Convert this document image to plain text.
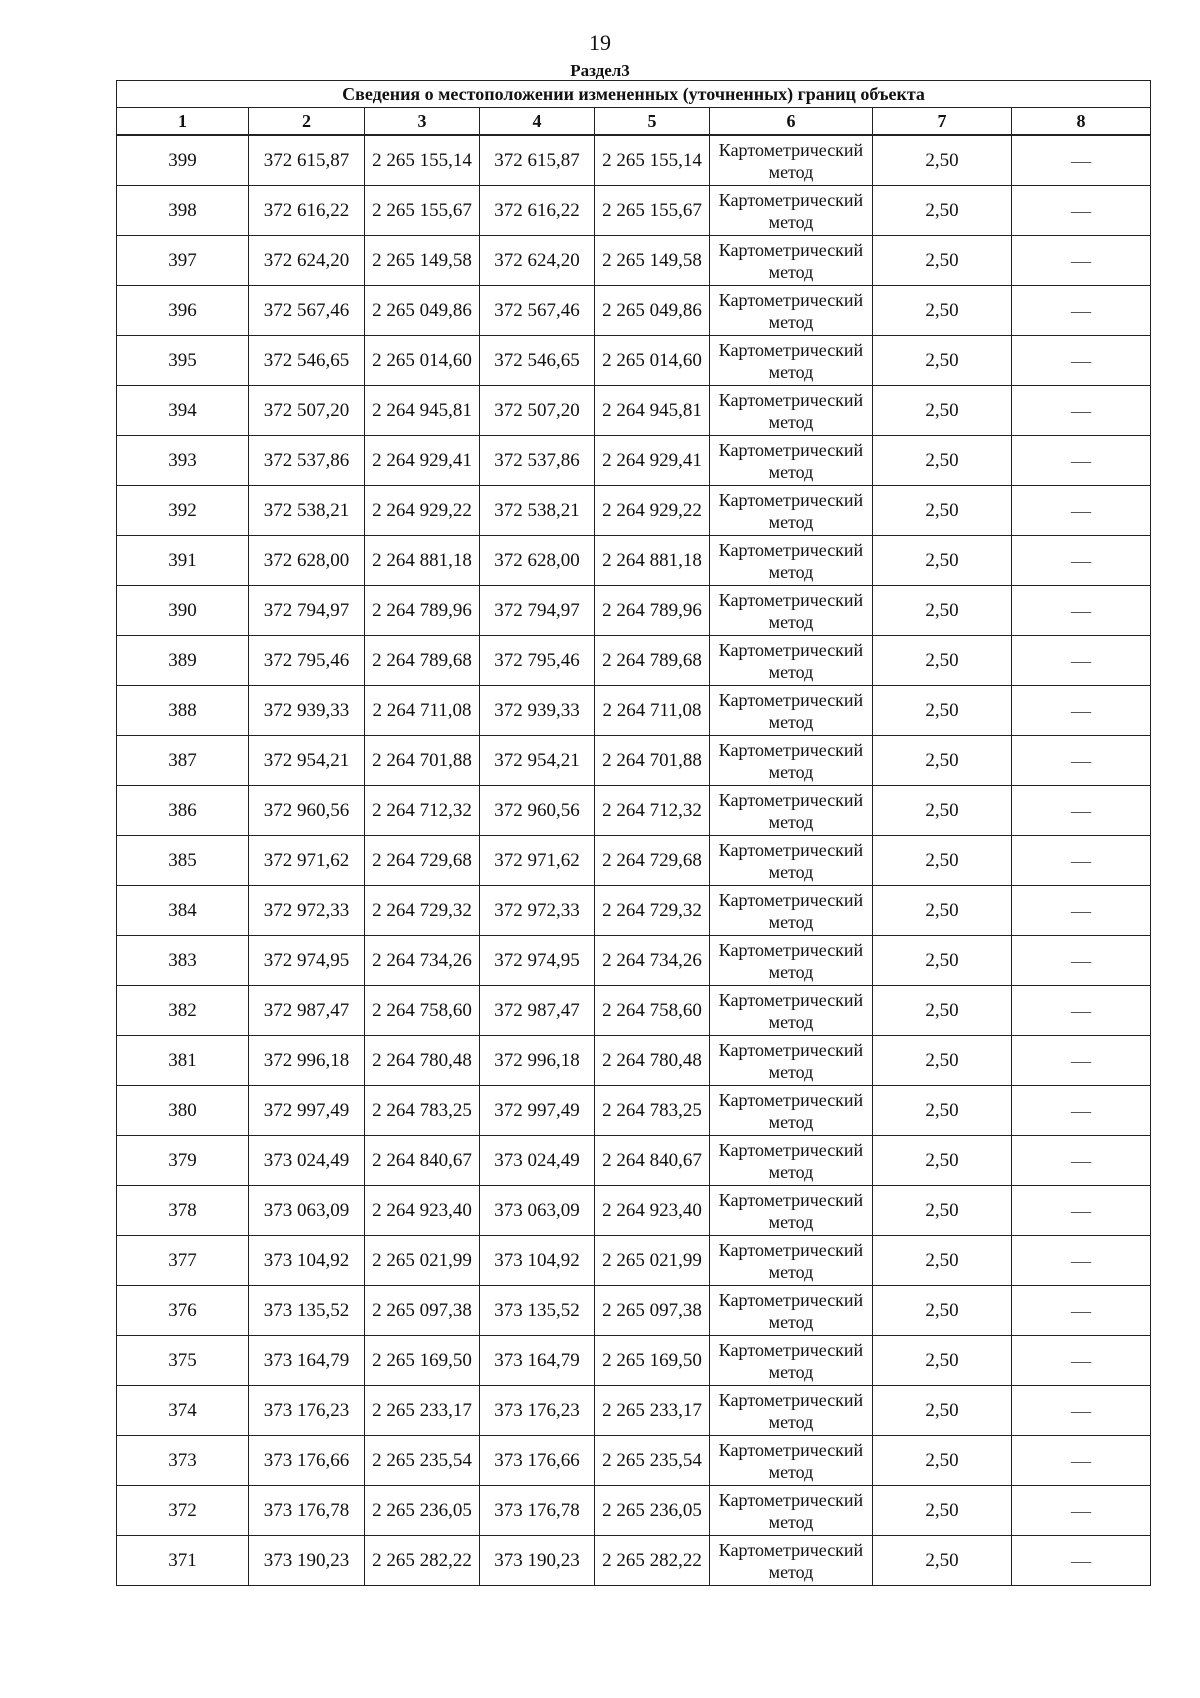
19
Раздел3
Сведения о местоположении измененных (уточненных) границ объекта							
1	2	3	4	5	6	7	8
399	372 615,87	2 265 155,14	372 615,87	2 265 155,14	Картометрический метод	2,50	—
398	372 616,22	2 265 155,67	372 616,22	2 265 155,67	Картометрический метод	2,50	—
397	372 624,20	2 265 149,58	372 624,20	2 265 149,58	Картометрический метод	2,50	—
396	372 567,46	2 265 049,86	372 567,46	2 265 049,86	Картометрический метод	2,50	—
395	372 546,65	2 265 014,60	372 546,65	2 265 014,60	Картометрический метод	2,50	—
394	372 507,20	2 264 945,81	372 507,20	2 264 945,81	Картометрический метод	2,50	—
393	372 537,86	2 264 929,41	372 537,86	2 264 929,41	Картометрический метод	2,50	—
392	372 538,21	2 264 929,22	372 538,21	2 264 929,22	Картометрический метод	2,50	—
391	372 628,00	2 264 881,18	372 628,00	2 264 881,18	Картометрический метод	2,50	—
390	372 794,97	2 264 789,96	372 794,97	2 264 789,96	Картометрический метод	2,50	—
389	372 795,46	2 264 789,68	372 795,46	2 264 789,68	Картометрический метод	2,50	—
388	372 939,33	2 264 711,08	372 939,33	2 264 711,08	Картометрический метод	2,50	—
387	372 954,21	2 264 701,88	372 954,21	2 264 701,88	Картометрический метод	2,50	—
386	372 960,56	2 264 712,32	372 960,56	2 264 712,32	Картометрический метод	2,50	—
385	372 971,62	2 264 729,68	372 971,62	2 264 729,68	Картометрический метод	2,50	—
384	372 972,33	2 264 729,32	372 972,33	2 264 729,32	Картометрический метод	2,50	—
383	372 974,95	2 264 734,26	372 974,95	2 264 734,26	Картометрический метод	2,50	—
382	372 987,47	2 264 758,60	372 987,47	2 264 758,60	Картометрический метод	2,50	—
381	372 996,18	2 264 780,48	372 996,18	2 264 780,48	Картометрический метод	2,50	—
380	372 997,49	2 264 783,25	372 997,49	2 264 783,25	Картометрический метод	2,50	—
379	373 024,49	2 264 840,67	373 024,49	2 264 840,67	Картометрический метод	2,50	—
378	373 063,09	2 264 923,40	373 063,09	2 264 923,40	Картометрический метод	2,50	—
377	373 104,92	2 265 021,99	373 104,92	2 265 021,99	Картометрический метод	2,50	—
376	373 135,52	2 265 097,38	373 135,52	2 265 097,38	Картометрический метод	2,50	—
375	373 164,79	2 265 169,50	373 164,79	2 265 169,50	Картометрический метод	2,50	—
374	373 176,23	2 265 233,17	373 176,23	2 265 233,17	Картометрический метод	2,50	—
373	373 176,66	2 265 235,54	373 176,66	2 265 235,54	Картометрический метод	2,50	—
372	373 176,78	2 265 236,05	373 176,78	2 265 236,05	Картометрический метод	2,50	—
371	373 190,23	2 265 282,22	373 190,23	2 265 282,22	Картометрический метод	2,50	—
